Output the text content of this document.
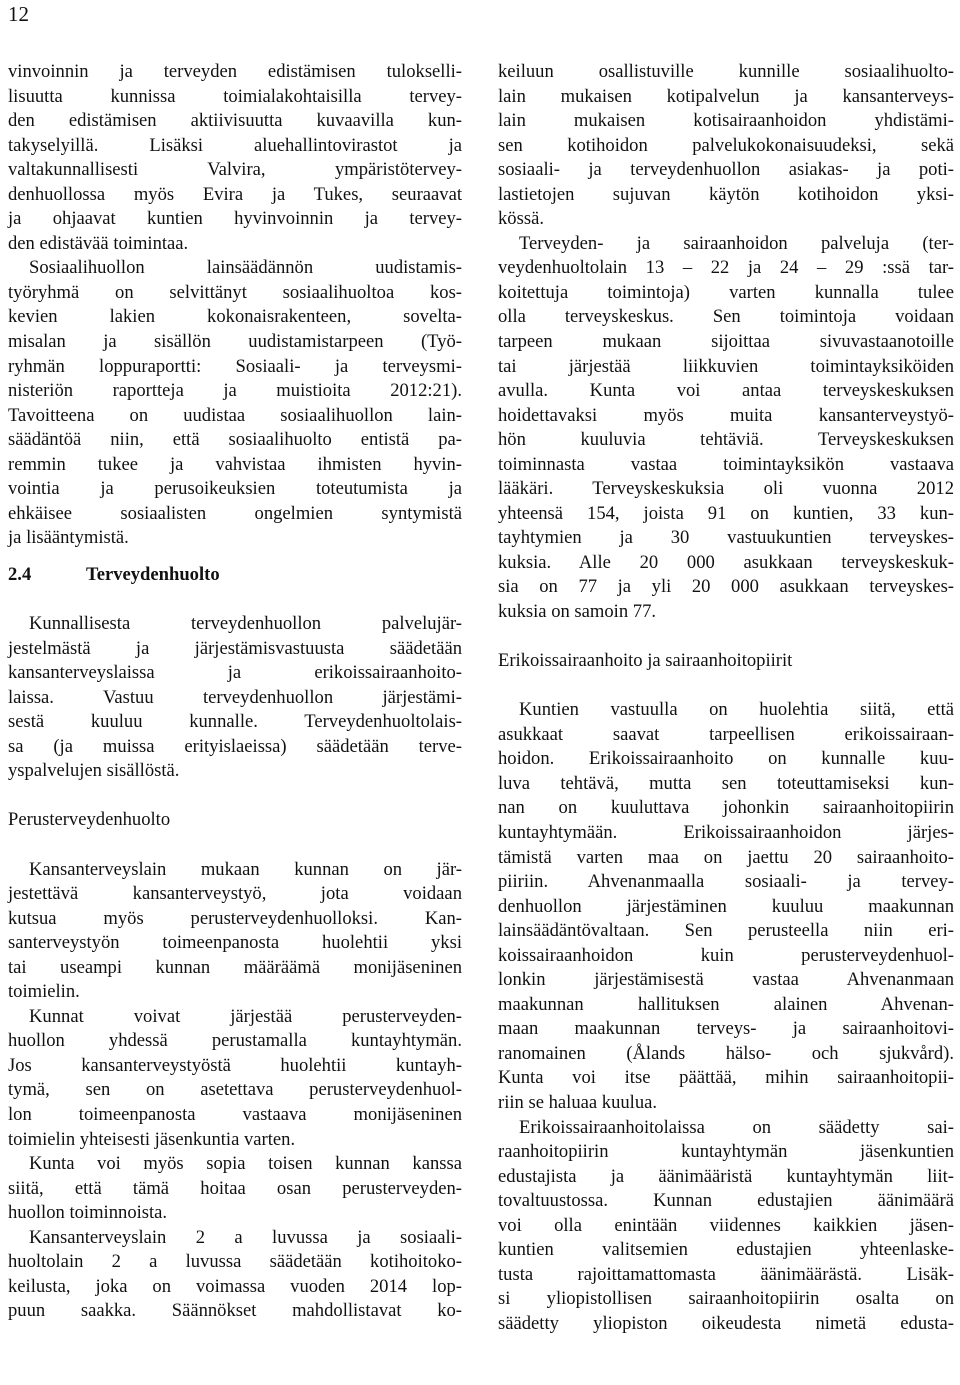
12
vinvoinnin ja terveyden edistämisen tulokselli-
lisuutta kunnissa toimialakohtaisilla tervey-
den edistämisen aktiivisuutta kuvaavilla kun-
takyselyillä. Lisäksi aluehallintovirastot ja
valtakunnallisesti Valvira, ympäristötervey-
denhuollossa myös Evira ja Tukes, seuraavat
ja ohjaavat kuntien hyvinvoinnin ja tervey-
den edistävää toimintaa.
Sosiaalihuollon lainsäädännön uudistamis-
työryhmä on selvittänyt sosiaalihuoltoa kos-
kevien lakien kokonaisrakenteen, soveltа-
misalan ja sisällön uudistamistarpeen (Työ-
ryhmän loppuraportti: Sosiaali- ja terveysmi-
nisteriön raportteja ja muistioita 2012:21).
Tavoitteena on uudistaa sosiaalihuollon lain-
säädäntöä niin, että sosiaalihuolto entistä pa-
remmin tukee ja vahvistaa ihmisten hyvin-
vointia ja perusoikeuksien toteutumista ja
ehkäisee sosiaalisten ongelmien syntymistä
ja lisääntymistä.
2.4	Terveydenhuolto
Kunnallisesta terveydenhuollon palvelujär-
jestelmästä ja järjestämisvastuusta säädetään
kansanterveyslaissa ja erikoissairaanhoito-
laissa. Vastuu terveydenhuollon järjestämi-
sestä kuuluu kunnalle. Terveydenhuoltolais-
sa (ja muissa erityislaeissa) säädetään terve-
yspalvelujen sisällöstä.
Perusterveydenhuolto
Kansanterveyslain mukaan kunnan on jär-
jestettävä kansanterveystyö, jota voidaan
kutsua myös perusterveydenhuolloksi. Kan-
santerveystyön toimeenpanosta huolehtii yksi
tai useampi kunnan määräämä monijäseninen
toimielin.
Kunnat voivat järjestää perusterveyden-
huollon yhdessä perustamalla kuntayhtymän.
Jos kansanterveystyöstä huolehtii kuntayh-
tymä, sen on asetettava perusterveydenhuol-
lon toimeenpanosta vastaava monijäseninen
toimielin yhteisesti jäsenkuntia varten.
Kunta voi myös sopia toisen kunnan kanssa
siitä, että tämä hoitaa osan perusterveyden-
huollon toiminnoista.
Kansanterveyslain 2 a luvussa ja sosiaali-
huoltolain 2 a luvussa säädetään kotihoitoko-
keilusta, joka on voimassa vuoden 2014 lop-
puun saakka. Säännökset mahdollistavat ko-
keiluun osallistuville kunnille sosiaalihuolto-
lain mukaisen kotipalvelun ja kansanterveys-
lain mukaisen kotisairaanhoidon yhdistämi-
sen kotihoidon palvelukokonaisuudeksi, sekä
sosiaali- ja terveydenhuollon asiakas- ja poti-
lastietojen sujuvan käytön kotihoidon yksi-
kössä.
Terveyden- ja sairaanhoidon palveluja (ter-
veydenhuoltolain 13 – 22 ja 24 – 29 :ssä tar-
koitettuja toimintoja) varten kunnalla tulee
olla terveyskeskus. Sen toimintoja voidaan
tarpeen mukaan sijoittaa sivuvastaanotoille
tai järjestää liikkuvien toimintayksiköiden
avulla. Kunta voi antaa terveyskeskuksen
hoidettavaksi myös muita kansanterveystyö-
hön kuuluvia tehtäviä. Terveyskeskuksen
toiminnasta vastaa toimintayksikön vastaava
lääkäri. Terveyskeskuksia oli vuonna 2012
yhteensä 154, joista 91 on kuntien, 33 kun-
tayhtymien ja 30 vastuukuntien terveyskes-
kuksia. Alle 20 000 asukkaan terveyskeskuk-
sia on 77 ja yli 20 000 asukkaan terveyskes-
kuksia on samoin 77.
Erikoissairaanhoito ja sairaanhoitopiirit
Kuntien vastuulla on huolehtia siitä, että
asukkaat saavat tarpeellisen erikoissairaan-
hoidon. Erikoissairaanhoito on kunnalle kuu-
luva tehtävä, mutta sen toteuttamiseksi kun-
nan on kuuluttava johonkin sairaanhoitopiirin
kuntayhtymään. Erikoissairaanhoidon järjes-
tämistä varten maa on jaettu 20 sairaanhoito-
piiriin. Ahvenanmaalla sosiaali- ja tervey-
denhuollon järjestäminen kuuluu maakunnan
lainsäädäntövaltaan. Sen perusteella niin eri-
koissairaanhoidon kuin perusterveydenhuol-
lonkin järjestämisestä vastaa Ahvenanmaan
maakunnan hallituksen alainen Ahvenan-
maan maakunnan terveys- ja sairaanhoitovi-
ranomainen (Ålands hälso- och sjukvård).
Kunta voi itse päättää, mihin sairaanhoitopii-
riin se haluaa kuulua.
Erikoissairaanhoitolaissa on säädetty sai-
raanhoitopiirin kuntayhtymän jäsenkuntien
edustajista ja äänimääristä kuntayhtymän liit-
tovaltuustossa. Kunnan edustajien äänimäärä
voi olla enintään viidennes kaikkien jäsen-
kuntien valitsemien edustajien yhteenlaske-
tusta rajoittamattomasta äänimäärästä. Lisäk-
si yliopistollisen sairaanhoitopiirin osalta on
säädetty yliopiston oikeudesta nimetä edusta-
